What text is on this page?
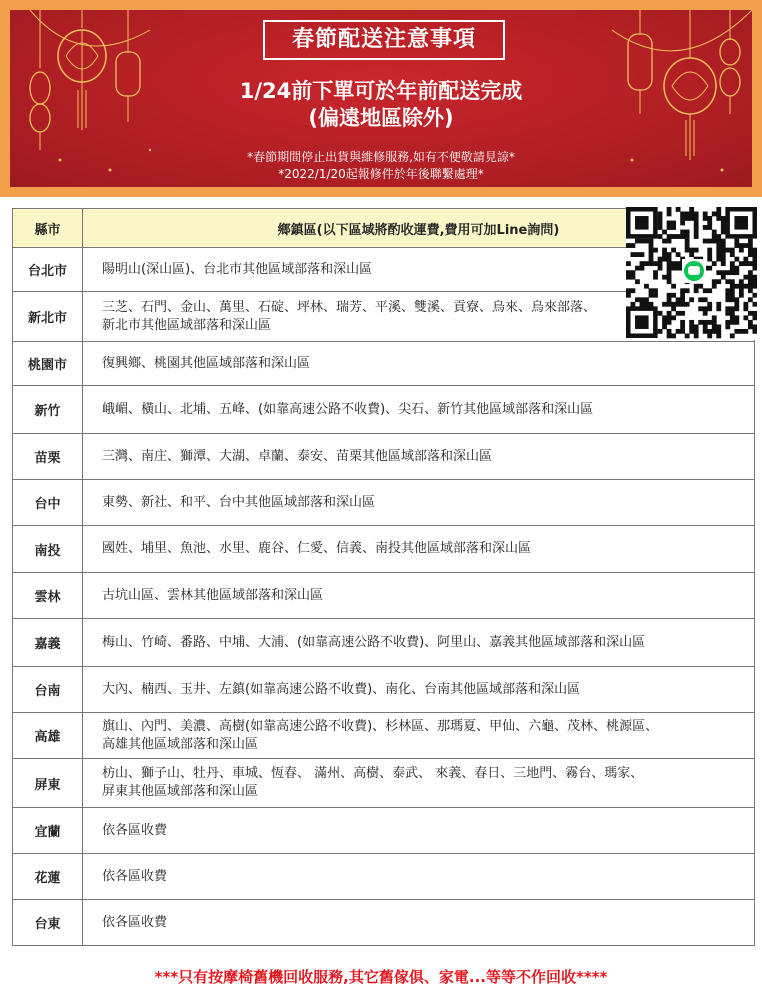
春節配送注意事項
1/24前下單可於年前配送完成
(偏遠地區除外)
*春節期間停止出貨與維修服務,如有不便敬請見諒*
*2022/1/20起報修件於年後聯繫處理*
縣市	鄉鎮區(以下區域將酌收運費,費用可加Line詢問)
台北市	陽明山(深山區)、台北市其他區域部落和深山區
新北市	三芝、石門、金山、萬里、石碇、坪林、瑞芳、平溪、雙溪、貢寮、烏來、烏來部落、
新北市其他區域部落和深山區
桃園市	復興鄉、桃園其他區域部落和深山區
新竹	峨嵋、橫山、北埔、五峰、(如靠高速公路不收費)、尖石、新竹其他區域部落和深山區
苗栗	三灣、南庄、獅潭、大湖、卓蘭、泰安、苗栗其他區域部落和深山區
台中	東勢、新社、和平、台中其他區域部落和深山區
南投	國姓、埔里、魚池、水里、鹿谷、仁愛、信義、南投其他區域部落和深山區
雲林	古坑山區、雲林其他區域部落和深山區
嘉義	梅山、竹崎、番路、中埔、大浦、(如靠高速公路不收費)、阿里山、嘉義其他區域部落和深山區
台南	大內、楠西、玉井、左鎮(如靠高速公路不收費)、南化、台南其他區域部落和深山區
高雄	旗山、內門、美濃、高樹(如靠高速公路不收費)、杉林區、那瑪夏、甲仙、六龜、茂林、桃源區、
高雄其他區域部落和深山區
屏東	枋山、獅子山、牡丹、車城、恆春、 滿州、高樹、泰武、 來義、春日、三地門、霧台、瑪家、
屏東其他區域部落和深山區
宜蘭	依各區收費
花蓮	依各區收費
台東	依各區收費
***只有按摩椅舊機回收服務,其它舊傢俱、家電...等等不作回收****
